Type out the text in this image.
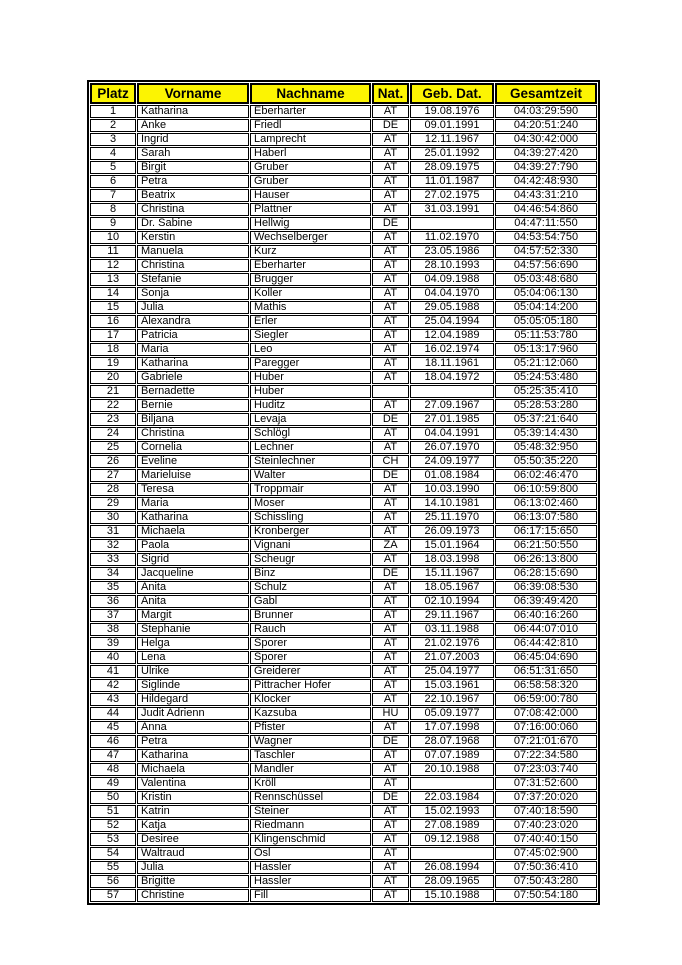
Platz	Vorname	Nachname	Nat.	Geb. Dat.	Gesamtzeit
1	Katharina	Eberharter	AT	19.08.1976	04:03:29:590
2	Anke	Friedl	DE	09.01.1991	04:20:51:240
3	Ingrid	Lamprecht	AT	12.11.1967	04:30:42:000
4	Sarah	Haberl	AT	25.01.1992	04:39:27:420
5	Birgit	Gruber	AT	28.09.1975	04:39:27:790
6	Petra	Gruber	AT	11.01.1987	04:42:48:930
7	Beatrix	Hauser	AT	27.02.1975	04:43:31:210
8	Christina	Plattner	AT	31.03.1991	04:46:54:860
9	Dr. Sabine	Hellwig	DE		04:47:11:550
10	Kerstin	Wechselberger	AT	11.02.1970	04:53:54:750
11	Manuela	Kurz	AT	23.05.1986	04:57:52:330
12	Christina	Eberharter	AT	28.10.1993	04:57:56:690
13	Stefanie	Brugger	AT	04.09.1988	05:03:48:680
14	Sonja	Koller	AT	04.04.1970	05:04:06:130
15	Julia	Mathis	AT	29.05.1988	05:04:14:200
16	Alexandra	Erler	AT	25.04.1994	05:05:05:180
17	Patricia	Siegler	AT	12.04.1989	05:11:53:780
18	Maria	Leo	AT	16.02.1974	05:13:17:960
19	Katharina	Paregger	AT	18.11.1961	05:21:12:060
20	Gabriele	Huber	AT	18.04.1972	05:24:53:480
21	Bernadette	Huber			05:25:35:410
22	Bernie	Huditz	AT	27.09.1967	05:28:53:280
23	Biljana	Levaja	DE	27.01.1985	05:37:21:640
24	Christina	Schlögl	AT	04.04.1991	05:39:14:430
25	Cornelia	Lechner	AT	26.07.1970	05:48:32:950
26	Eveline	Steinlechner	CH	24.09.1977	05:50:35:220
27	Marieluise	Walter	DE	01.08.1984	06:02:46:470
28	Teresa	Troppmair	AT	10.03.1990	06:10:59:800
29	Maria	Moser	AT	14.10.1981	06:13:02:460
30	Katharina	Schissling	AT	25.11.1970	06:13:07:580
31	Michaela	Kronberger	AT	26.09.1973	06:17:15:650
32	Paola	Vignani	ZA	15.01.1964	06:21:50:550
33	Sigrid	Scheugr	AT	18.03.1998	06:26:13:800
34	Jacqueline	Binz	DE	15.11.1967	06:28:15:690
35	Anita	Schulz	AT	18.05.1967	06:39:08:530
36	Anita	Gabl	AT	02.10.1994	06:39:49:420
37	Margit	Brunner	AT	29.11.1967	06:40:16:260
38	Stephanie	Rauch	AT	03.11.1988	06:44:07:010
39	Helga	Sporer	AT	21.02.1976	06:44:42:810
40	Lena	Sporer	AT	21.07.2003	06:45:04:690
41	Ulrike	Greiderer	AT	25.04.1977	06:51:31:650
42	Siglinde	Pittracher Hofer	AT	15.03.1961	06:58:58:320
43	Hildegard	Klocker	AT	22.10.1967	06:59:00:780
44	Judit Adrienn	Kazsuba	HU	05.09.1977	07:08:42:000
45	Anna	Pfister	AT	17.07.1998	07:16:00:060
46	Petra	Wagner	DE	28.07.1968	07:21:01:670
47	Katharina	Taschler	AT	07.07.1989	07:22:34:580
48	Michaela	Mandler	AT	20.10.1988	07:23:03:740
49	Valentina	Kröll	AT		07:31:52:600
50	Kristin	Rennschüssel	DE	22.03.1984	07:37:20:020
51	Katrin	Steiner	AT	15.02.1993	07:40:18:590
52	Katja	Riedmann	AT	27.08.1989	07:40:23:020
53	Desiree	Klingenschmid	AT	09.12.1988	07:40:40:150
54	Waltraud	Osl	AT		07:45:02:900
55	Julia	Hassler	AT	26.08.1994	07:50:36:410
56	Brigitte	Hassler	AT	28.09.1965	07:50:43:280
57	Christine	Fill	AT	15.10.1988	07:50:54:180
